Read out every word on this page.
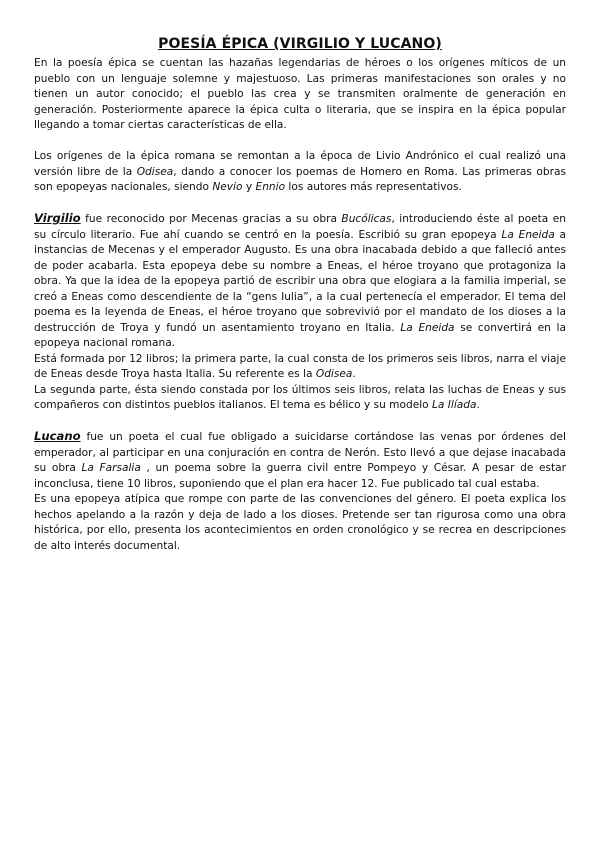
POESÍA ÉPICA (VIRGILIO Y LUCANO)

En la poesía épica se cuentan las hazañas legendarias de héroes o los orígenes míticos de un pueblo con un lenguaje solemne y majestuoso. Las primeras manifestaciones son orales y no tienen un autor conocido; el pueblo las crea y se transmiten oralmente de generación en generación. Posteriormente aparece la épica culta o literaria, que se inspira en la épica popular llegando a tomar ciertas características de ella.

Los orígenes de la épica romana se remontan a la época de Livio Andrónico el cual realizó una versión libre de la Odisea, dando a conocer los poemas de Homero en Roma. Las primeras obras son epopeyas nacionales, siendo Nevio y Ennio los autores más representativos.

Virgilio fue reconocido por Mecenas gracias a su obra Bucólicas, introduciendo éste al poeta en su círculo literario. Fue ahí cuando se centró en la poesía. Escribió su gran epopeya La Eneida a instancias de Mecenas y el emperador Augusto. Es una obra inacabada debido a que falleció antes de poder acabarla. Esta epopeya debe su nombre a Eneas, el héroe troyano que protagoniza la obra. Ya que la idea de la epopeya partió de escribir una obra que elogiara a la familia imperial, se creó a Eneas como descendiente de la “gens Iulia”, a la cual pertenecía el emperador. El tema del poema es la leyenda de Eneas, el héroe troyano que sobrevivió por el mandato de los dioses a la destrucción de Troya y fundó un asentamiento troyano en Italia. La Eneida se convertirá en la epopeya nacional romana.

Está formada por 12 libros; la primera parte, la cual consta de los primeros seis libros, narra el viaje de Eneas desde Troya hasta Italia. Su referente es la Odisea.

La segunda parte, ésta siendo constada por los últimos seis libros, relata las luchas de Eneas y sus compañeros con distintos pueblos italianos. El tema es bélico y su modelo La Ilíada.

Lucano fue un poeta el cual fue obligado a suicidarse cortándose las venas por órdenes del emperador, al participar en una conjuración en contra de Nerón. Esto llevó a que dejase inacabada su obra La Farsalia , un poema sobre la guerra civil entre Pompeyo y César. A pesar de estar inconclusa, tiene 10 libros, suponiendo que el plan era hacer 12. Fue publicado tal cual estaba.

Es una epopeya atípica que rompe con parte de las convenciones del género. El poeta explica los hechos apelando a la razón y deja de lado a los dioses. Pretende ser tan rigurosa como una obra histórica, por ello, presenta los acontecimientos en orden cronológico y se recrea en descripciones de alto interés documental.
